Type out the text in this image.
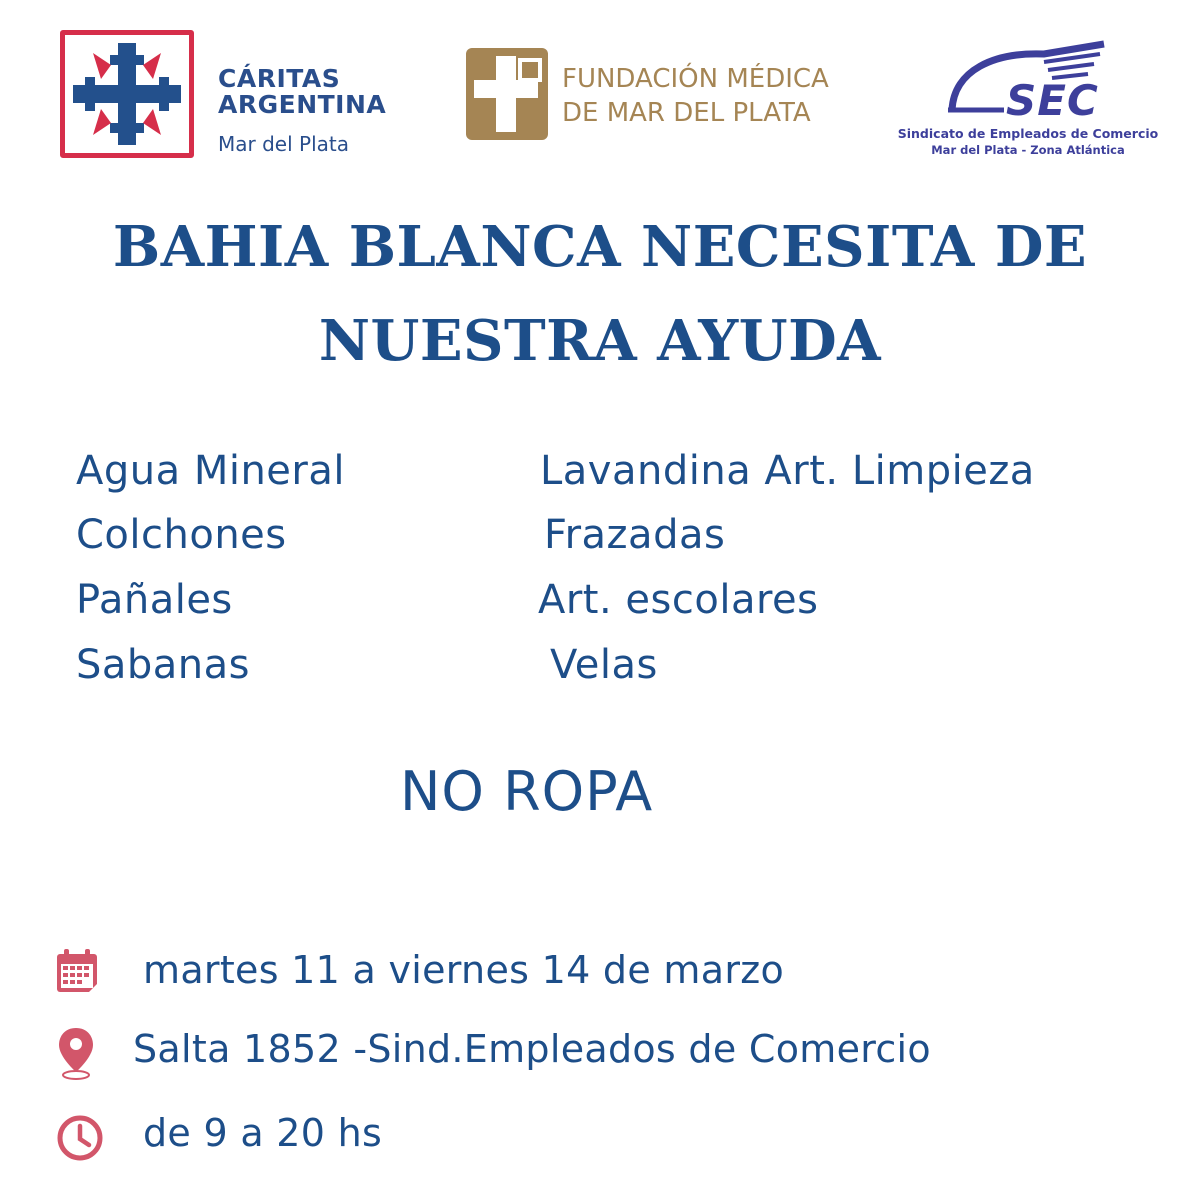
CÁRITAS
ARGENTINA

Mar del Plata

FUNDACIÓN MÉDICA
DE MAR DEL PLATA	SEC

Sindicato de Empleados de Comercio

Mar del Plata - Zona Atlántica

BAHIA BLANCA NECESITA DE
NUESTRA AYUDA

Agua Mineral

Colchones

Pañales

Sabanas

Lavandina Art. Limpieza

Frazadas

Art. escolares

Velas

NO ROPA

martes 11 a viernes 14 de marzo

Salta 1852 -Sind.Empleados de Comercio

de 9 a 20 hs
